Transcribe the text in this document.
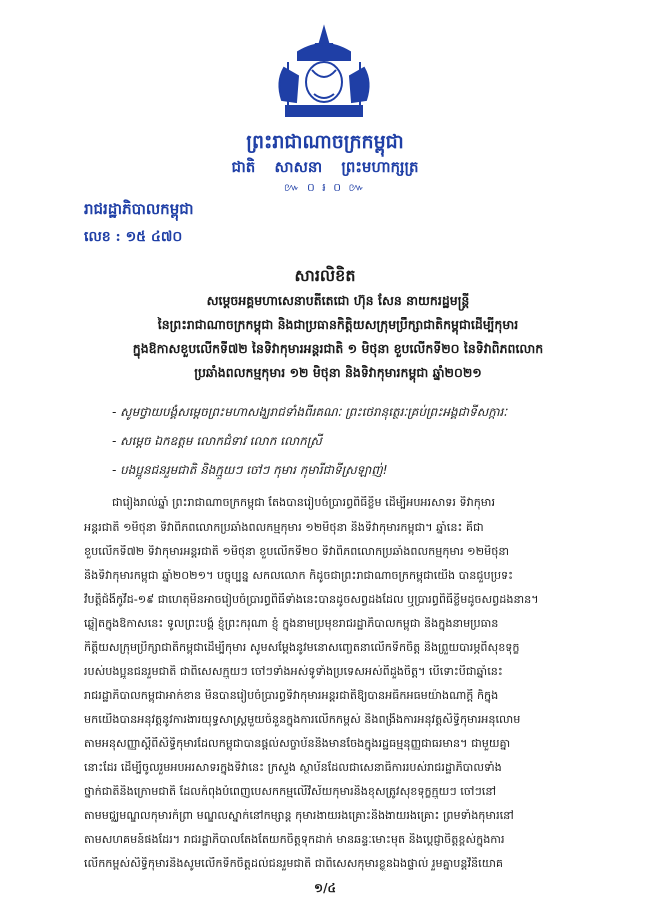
ព្រះរាជាណាចក្រកម្ពុជា
ជាតិ សាសនា ព្រះមហាក្សត្រ
៚ ០ ៛ ០ ៚
រាជរដ្ឋាភិបាលកម្ពុជា
លេខ : ១៥ ៤៧០
សារលិខិត
សម្តេចអគ្គមហាសេនាបតីតេជោ ហ៊ុន សែន នាយករដ្ឋមន្ត្រី
នៃព្រះរាជាណាចក្រកម្ពុជា និងជាប្រធានកិត្តិយសក្រុមប្រឹក្សាជាតិកម្ពុជាដើម្បីកុមារ
ក្នុងឱកាសខួបលើកទី៧២ នៃទិវាកុមារអន្តរជាតិ ១ មិថុនា ខួបលើកទី២០ នៃទិវាពិភពលោក
ប្រឆាំងពលកម្មកុមារ ១២ មិថុនា និងទិវាកុមារកម្ពុជា ឆ្នាំ២០២១
- សូមថ្វាយបង្គំសម្តេចព្រះមហាសង្ឃរាជទាំងពីរគណៈ ព្រះថេរានុត្ថេរៈគ្រប់ព្រះអង្គជាទីសក្ការៈ
- សម្តេច ឯកឧត្តម លោកជំទាវ លោក លោកស្រី
- បងប្អូនជនរួមជាតិ និងក្មួយៗ ចៅៗ កុមារ កុមារីជាទីស្រឡាញ់!
ជារៀងរាល់ឆ្នាំ ព្រះរាជាណាចក្រកម្ពុជា តែងបានរៀបចំប្រារព្ធពិធីខ្លឹម ដើម្បីអបអរសាទរ ទិវាកុមារ
អន្តរជាតិ ១មិថុនា ទិវាពិភពលោកប្រឆាំងពលកម្មកុមារ ១២មិថុនា និងទិវាកុមារកម្ពុជា។ ឆ្នាំនេះ គឺជា
ខួបលើកទី៧២ ទិវាកុមារអន្តរជាតិ ១មិថុនា ខួបលើកទី២០ ទិវាពិភពលោកប្រឆាំងពលកម្មកុមារ ១២មិថុនា
និងទិវាកុមារកម្ពុជា ឆ្នាំ២០២១។ បច្ចុប្បន្ន សកលលោក ក៏ដូចជាព្រះរាជាណាចក្រកម្ពុជាយើង បានជួបប្រទះ
វិបត្តិជំងឺកូវីដ-១៩ ជាហេតុមិនអាចរៀបចំប្រារព្ធពិធីទាំងនេះបានដូចសព្វដងដែល ឬប្រារព្ធពិធីខ្លឹមដូចសព្វដងនាន។
ឆ្លៀតក្នុងឱកាសនេះ ទូលព្រះបង្គំ ខ្ញុំព្រះករុណា ខ្ញុំ ក្នុងនាមប្រមុខរាជរដ្ឋាភិបាលកម្ពុជា និងក្នុងនាមប្រធាន
កិត្តិយសក្រុមប្រឹក្សាជាតិកម្ពុជាដើម្បីកុមារ សូមសម្តែងនូវមនោសញ្ចេតនាលើកទឹកចិត្ត និងព្រួយបារម្ភពីសុខទុក្ខ
របស់បងប្អូនជនរួមជាតិ ជាពិសេសក្មួយៗ ចៅៗទាំងអស់ទូទាំងប្រទេសអស់ពីដួងចិត្ត។ បើទោះបីជាឆ្នាំនេះ
រាជរដ្ឋាភិបាលកម្ពុជាអាក់ខាន មិនបានរៀបចំប្រារព្ធទិវាកុមារអន្តរជាតិឱ្យបានអធិកអធមយ៉ាងណាក្តី ក៏ក្នុង
មកយើងបានអនុវត្តនូវការងារយុទ្ធសាស្ត្រមួយចំនួនក្នុងការលើកកម្ពស់ និងពង្រឹងការអនុវត្តសិទ្ធិកុមារអនុលោម
តាមអនុសញ្ញាស្តីពីសិទ្ធិកុមារដែលកម្ពុជាបានផ្តល់សច្ចាប័ននិងមានចែងក្នុងរដ្ឋធម្មនុញ្ញជាធរមាន។ ជាមួយគ្នា
នោះដែរ ដើម្បីចូលរួមអបអរសាទរក្នុងទិវានេះ ក្រសួង ស្ថាប័នដែលជាសេនាធិការរបស់រាជរដ្ឋាភិបាលទាំង
ថ្នាក់ជាតិនិងក្រោមជាតិ ដែលកំពុងបំពេញបេសកកម្មលើវិស័យកុមារនិងខុសត្រូវសុខទុក្ខក្មួយៗ ចៅៗនៅ
តាមមជ្ឈមណ្ឌលកុមារកំព្រា មណ្ឌលស្នាក់នៅកម្សាន្ត កុមារងាយរងគ្រោះនិងងាយរងគ្រោះ ព្រមទាំងកុមារនៅ
តាមសហគមន៍ផងដែរ។ រាជរដ្ឋាភិបាលតែងតែយកចិត្តទុកដាក់ មានឆន្ទៈមោះមុត និងប្តេជ្ញាចិត្តខ្ពស់ក្នុងការ
លើកកម្ពស់សិទ្ធិកុមារនិងសូមលើកទឹកចិត្តដល់ជនរួមជាតិ ជាពិសេសកុមារខ្លួនឯងផ្ទាល់ រួមគ្នាបន្តវិនិយោគ
១/៤
